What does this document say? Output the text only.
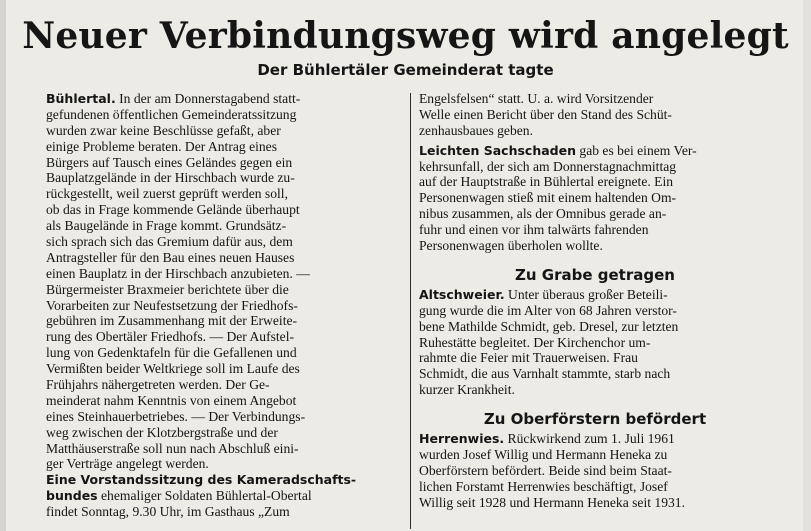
Neuer Verbindungsweg wird angelegt
Der Bühlertäler Gemeinderat tagte
Bühlertal. In der am Donnerstagabend statt-
gefundenen öffentlichen Gemeinderatssitzung
wurden zwar keine Beschlüsse gefaßt, aber
einige Probleme beraten. Der Antrag eines
Bürgers auf Tausch eines Geländes gegen ein
Bauplatzgelände in der Hirschbach wurde zu-
rückgestellt, weil zuerst geprüft werden soll,
ob das in Frage kommende Gelände überhaupt
als Baugelände in Frage kommt. Grundsätz-
sich sprach sich das Gremium dafür aus, dem
Antragsteller für den Bau eines neuen Hauses
einen Bauplatz in der Hirschbach anzubieten. —
Bürgermeister Braxmeier berichtete über die
Vorarbeiten zur Neufestsetzung der Friedhofs-
gebühren im Zusammenhang mit der Erweite-
rung des Obertäler Friedhofs. — Der Aufstel-
lung von Gedenktafeln für die Gefallenen und
Vermißten beider Weltkriege soll im Laufe des
Frühjahrs nähergetreten werden. Der Ge-
meinderat nahm Kenntnis von einem Angebot
eines Steinhauerbetriebes. — Der Verbindungs-
weg zwischen der Klotzbergstraße und der
Matthäuserstraße soll nun nach Abschluß eini-
ger Verträge angelegt werden.
Eine Vorstandssitzung des Kameradschafts-
bundes ehemaliger Soldaten Bühlertal-Obertal
findet Sonntag, 9.30 Uhr, im Gasthaus „Zum
Engelsfelsen“ statt. U. a. wird Vorsitzender
Welle einen Bericht über den Stand des Schüt-
zenhausbaues geben.
Leichten Sachschaden gab es bei einem Ver-
kehrsunfall, der sich am Donnerstagnachmittag
auf der Hauptstraße in Bühlertal ereignete. Ein
Personenwagen stieß mit einem haltenden Om-
nibus zusammen, als der Omnibus gerade an-
fuhr und einen vor ihm talwärts fahrenden
Personenwagen überholen wollte.
Zu Grabe getragen
Altschweier. Unter überaus großer Beteili-
gung wurde die im Alter von 68 Jahren verstor-
bene Mathilde Schmidt, geb. Dresel, zur letzten
Ruhestätte begleitet. Der Kirchenchor um-
rahmte die Feier mit Trauerweisen. Frau
Schmidt, die aus Varnhalt stammte, starb nach
kurzer Krankheit.
Zu Oberförstern befördert
Herrenwies. Rückwirkend zum 1. Juli 1961
wurden Josef Willig und Hermann Heneka zu
Oberförstern befördert. Beide sind beim Staat-
lichen Forstamt Herrenwies beschäftigt, Josef
Willig seit 1928 und Hermann Heneka seit 1931.
